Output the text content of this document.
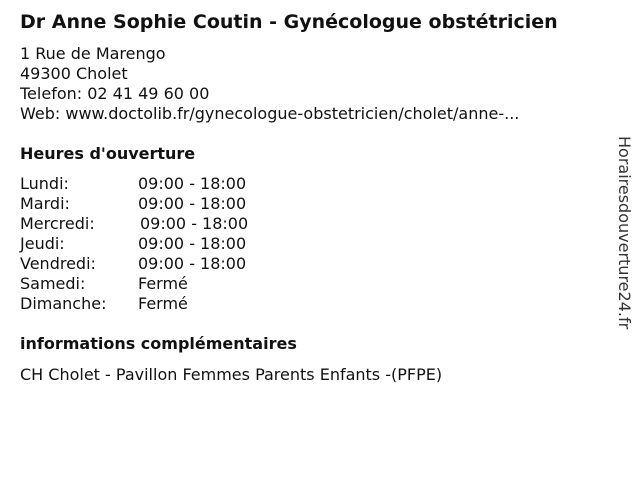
Dr Anne Sophie Coutin - Gynécologue obstétricien
1 Rue de Marengo
49300 Cholet
Telefon: 02 41 49 60 00
Web: www.doctolib.fr/gynecologue-obstetricien/cholet/anne-...
Heures d'ouverture
Lundi:	09:00 - 18:00
Mardi:	09:00 - 18:00
Mercredi:	09:00 - 18:00
Jeudi:	09:00 - 18:00
Vendredi:	09:00 - 18:00
Samedi:	Fermé
Dimanche:	Fermé
informations complémentaires
CH Cholet - Pavillon Femmes Parents Enfants -(PFPE)
Horairesdouverture24.fr
